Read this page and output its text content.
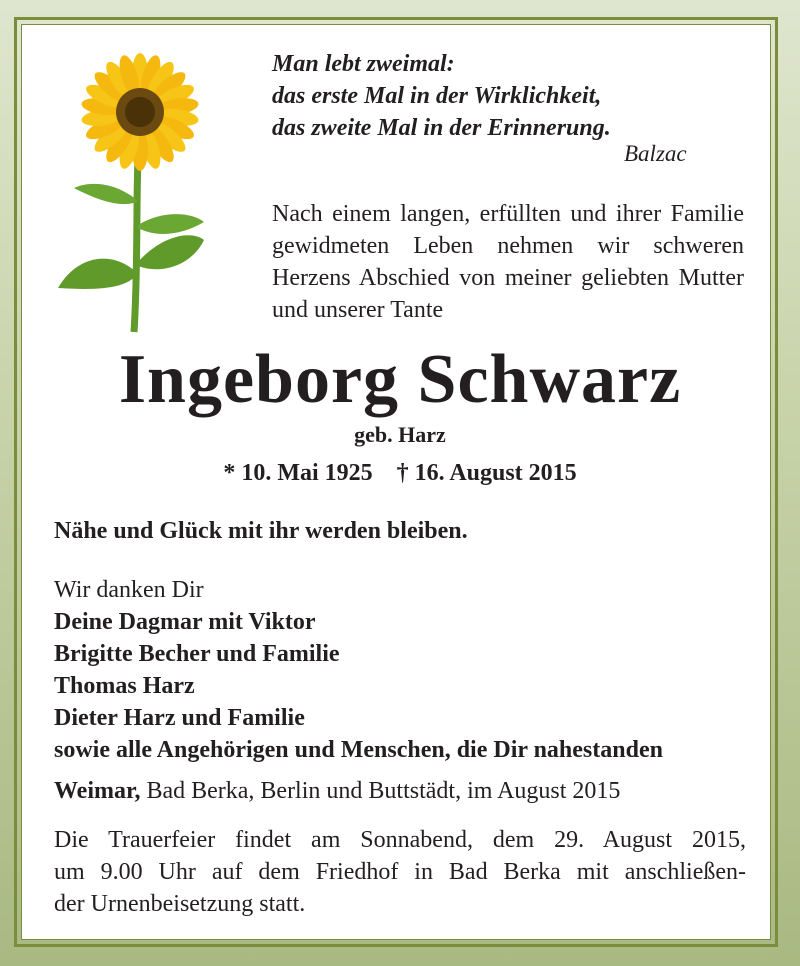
Man lebt zweimal:
das erste Mal in der Wirklichkeit,
das zweite Mal in der Erinnerung.
Balzac
Nach einem langen, erfüllten und ihrer Familie gewidmeten Leben nehmen wir schweren Herzens Abschied von meiner geliebten Mutter und unserer Tante
Ingeborg Schwarz
geb. Harz
* 10. Mai 1925 † 16. August 2015
Nähe und Glück mit ihr werden bleiben.
Wir danken Dir
Deine Dagmar mit Viktor
Brigitte Becher und Familie
Thomas Harz
Dieter Harz und Familie
sowie alle Angehörigen und Menschen, die Dir nahestanden
Weimar, Bad Berka, Berlin und Buttstädt, im August 2015
Die Trauerfeier findet am Sonnabend, dem 29. August 2015,
um 9.00 Uhr auf dem Friedhof in Bad Berka mit anschließen-
der Urnenbeisetzung statt.
